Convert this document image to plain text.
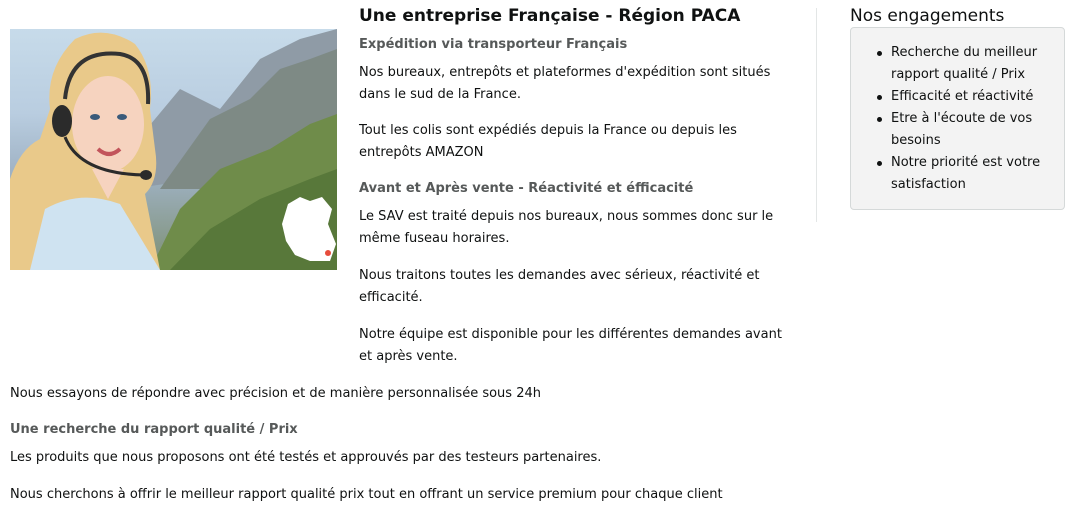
Une entreprise Française - Région PACA
Expédition via transporteur Français
Nos bureaux, entrepôts et plateformes d'expédition sont situés
dans le sud de la France.
Tout les colis sont expédiés depuis la France ou depuis les
entrepôts AMAZON
Avant et Après vente - Réactivité et éfficacité
Le SAV est traité depuis nos bureaux, nous sommes donc sur le
même fuseau horaires.
Nous traitons toutes les demandes avec sérieux, réactivité et
efficacité.
Notre équipe est disponible pour les différentes demandes avant
et après vente.
Nous essayons de répondre avec précision et de manière personnalisée sous 24h
Une recherche du rapport qualité / Prix
Les produits que nous proposons ont été testés et approuvés par des testeurs partenaires.
Nous cherchons à offrir le meilleur rapport qualité prix tout en offrant un service premium pour chaque client
Nos engagements
Recherche du meilleur
rapport qualité / Prix
Efficacité et réactivité
Etre à l'écoute de vos
besoins
Notre priorité est votre
satisfaction
